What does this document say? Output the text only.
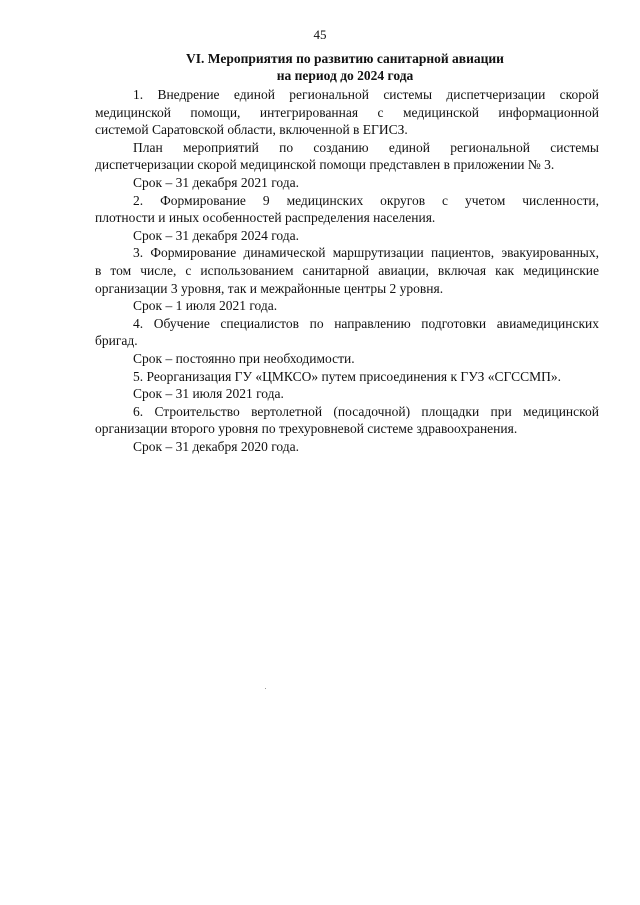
45
VI. Мероприятия по развитию санитарной авиации
на период до 2024 года
1. Внедрение единой региональной системы диспетчеризации скорой
медицинской помощи, интегрированная с медицинской информационной
системой Саратовской области, включенной в ЕГИСЗ.
План мероприятий по созданию единой региональной системы
диспетчеризации скорой медицинской помощи представлен в приложении № 3.
Срок – 31 декабря 2021 года.
2. Формирование 9 медицинских округов с учетом численности,
плотности и иных особенностей распределения населения.
Срок – 31 декабря 2024 года.
3. Формирование динамической маршрутизации пациентов, эвакуированных,
в том числе, с использованием санитарной авиации, включая как медицинские
организации 3 уровня, так и межрайонные центры 2 уровня.
Срок – 1 июля 2021 года.
4. Обучение специалистов по направлению подготовки авиамедицинских
бригад.
Срок – постоянно при необходимости.
5. Реорганизация ГУ «ЦМКСО» путем присоединения к ГУЗ «СГССМП».
Срок – 31 июля 2021 года.
6. Строительство вертолетной (посадочной) площадки при медицинской
организации второго уровня по трехуровневой системе здравоохранения.
Срок – 31 декабря 2020 года.
